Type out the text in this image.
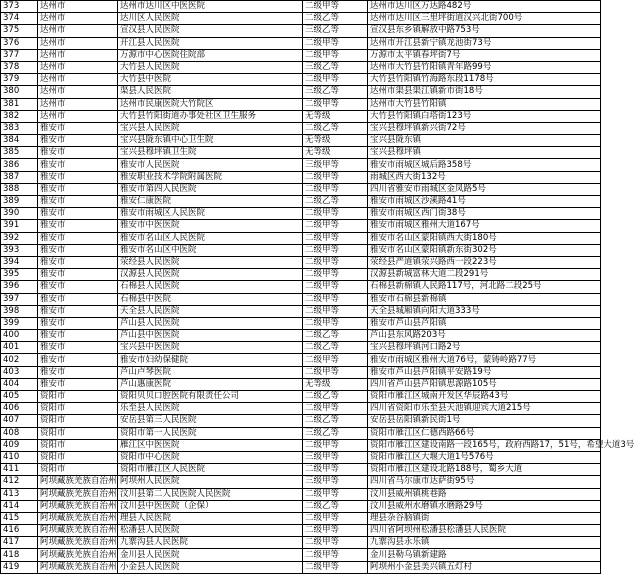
373	达州市	达州市达川区中医医院	二级甲等	达州市达川区万达路482号
374	达州市	达川区人民医院	二级乙等	达州市达川区三里坪街道汉兴北街700号
375	达州市	宣汉县人民医院	三级乙等	宣汉县东乡镇解放中路753号
376	达州市	开江县人民医院	二级甲等	达州市开江县新宁镇龙池街73号
377	达州市	万源市中心医院住院部	二级甲等	万源市太平镇春坪街7号
378	达州市	大竹县人民医院	三级乙等	达州市大竹县竹阳镇青年路99号
379	达州市	大竹县中医院	二级甲等	大竹县竹阳镇竹海路东段1178号
380	达州市	渠县人民医院	三级乙等	达州市渠县渠江镇新市街18号
381	达州市	达州市民康医院大竹院区	二级甲等	达州市大竹县竹阳镇
382	达州市	大竹县竹阳街道办事处社区卫生服务	无等级	大竹县竹阳镇白塔街123号
383	雅安市	宝兴县人民医院	二级乙等	宝兴县穆坪镇新兴街72号
384	雅安市	宝兴县陇东镇中心卫生院	无等级	宝兴县陇东镇
385	雅安市	宝兴县穆坪镇卫生院	无等级	宝兴县穆坪镇
386	雅安市	雅安市人民医院	三级甲等	雅安市雨城区城后路358号
387	雅安市	雅安职业技术学院附属医院	二级甲等	雨城区西大街132号
388	雅安市	雅安市第四人民医院	二级甲等	四川省雅安市雨城区金凤路5号
389	雅安市	雅安仁康医院	二级乙等	雅安市雨城区沙溪路41号
390	雅安市	雅安市雨城区人民医院	二级甲等	雅安市雨城区西门街38号
391	雅安市	雅安市中医医院	二级甲等	雅安市雨城区雅州大道167号
392	雅安市	雅安市名山区人民医院	二级甲等	雅安市名山区蒙阳镇西大街180号
393	雅安市	雅安市名山区中医院	二级甲等	雅安市名山区蒙阳镇新东街302号
394	雅安市	荥经县人民医院	二级甲等	荥经县严道镇荥兴路西一段223号
395	雅安市	汉源县人民医院	二级甲等	汉源县新城富林大道二段291号
396	雅安市	石棉县人民医院	二级甲等	石棉县新棉镇人民路117号，河北路二段25号
397	雅安市	石棉县中医院	二级甲等	雅安市石棉县新棉镇
398	雅安市	天全县人民医院	二级甲等	天全县城厢镇向阳大道333号
399	雅安市	芦山县人民医院	二级甲等	雅安市芦山县芦阳镇
400	雅安市	芦山县中医医院	二级乙等	芦山县东风路203号
401	雅安市	宝兴县中医医院	二级乙等	宝兴县穆坪镇河口路2号
402	雅安市	雅安市妇幼保健院	二级甲等	雅安市雨城区雅州大道76号，蒙铸岭路77号
403	雅安市	芦山卢琴医院	二级甲等	雅安市芦山县芦阳镇平安路19号
404	雅安市	芦山惠康医院	无等级	四川省芦山县芦阳镇思源路105号
405	资阳市	资阳贝贝口腔医院有限责任公司	二级乙等	资阳市雁江区城南开发区华辰路43号
406	资阳市	乐至县人民医院	二级甲等	四川省资阳市乐至县天池镇迎宾大道215号
407	资阳市	安岳县第三人民医院	二级乙等	安岳县岳阳镇新民街1号
408	资阳市	资阳市第一人民医院	三级乙等	资阳市雁江区仁德西路66号
409	资阳市	雁江区中医医院	二级甲等	资阳市雁江区建设南路一段165号，政府西路17，51号，希望大道3号
410	资阳市	资阳市中心医院	三级甲等	资阳市雁江区大堰大道1号576号
411	资阳市	资阳市雁江区人民医院	二级甲等	资阳市雁江区建设北路188号，蜀乡大道
412	阿坝藏族羌族自治州	阿坝州人民医院	三级甲等	四川省马尔康市达萨街95号
413	阿坝藏族羌族自治州	汶川县第二人民医院人民医院	二级甲等	汶川县威州镇桃巷路
414	阿坝藏族羌族自治州	汶川县中医医院（企保）	二级乙等	汶川县威州水磨镇水磨路29号
415	阿坝藏族羌族自治州	理县人民医院	二级甲等	理县杂谷脑镇街
416	阿坝藏族羌族自治州	松潘县人民医院	二级甲等	四川省阿坝州松潘县松潘县人民医院
417	阿坝藏族羌族自治州	九寨沟县人民医院	二级甲等	九寨沟县永乐镇
418	阿坝藏族羌族自治州	金川县人民医院	二级甲等	金川县勒乌镇新建路
419	阿坝藏族羌族自治州	小金县人民医院	二级甲等	阿坝州小金县美兴镇五灯村
